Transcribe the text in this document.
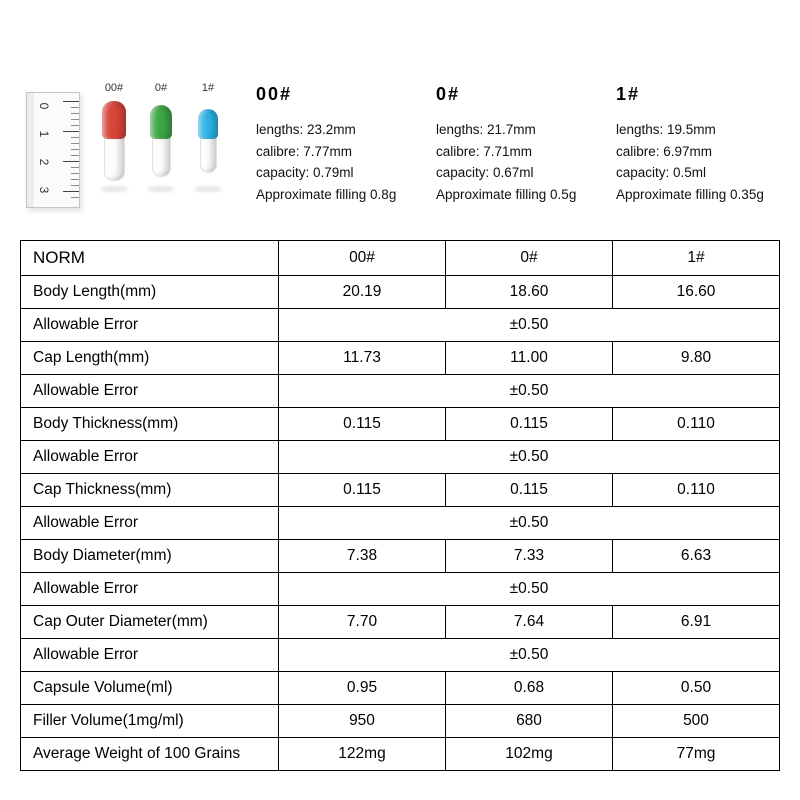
0
1
2
3
00#	0#	1# 00#
lengths: 23.2mm
calibre: 7.77mm
capacity: 0.79ml
Approximate filling 0.8g
0#
lengths: 21.7mm
calibre: 7.71mm
capacity: 0.67ml
Approximate filling 0.5g
1#
lengths: 19.5mm
calibre: 6.97mm
capacity: 0.5ml
Approximate filling 0.35g
NORM	00#	0#	1#
Body Length(mm)	20.19	18.60	16.60
Allowable Error	±0.50		
Cap Length(mm)	11.73	11.00	9.80
Allowable Error	±0.50		
Body Thickness(mm)	0.115	0.115	0.110
Allowable Error	±0.50		
Cap Thickness(mm)	0.115	0.115	0.110
Allowable Error	±0.50		
Body Diameter(mm)	7.38	7.33	6.63
Allowable Error	±0.50		
Cap Outer Diameter(mm)	7.70	7.64	6.91
Allowable Error	±0.50		
Capsule Volume(ml)	0.95	0.68	0.50
Filler Volume(1mg/ml)	950	680	500
Average Weight of 100 Grains	122mg	102mg	77mg
